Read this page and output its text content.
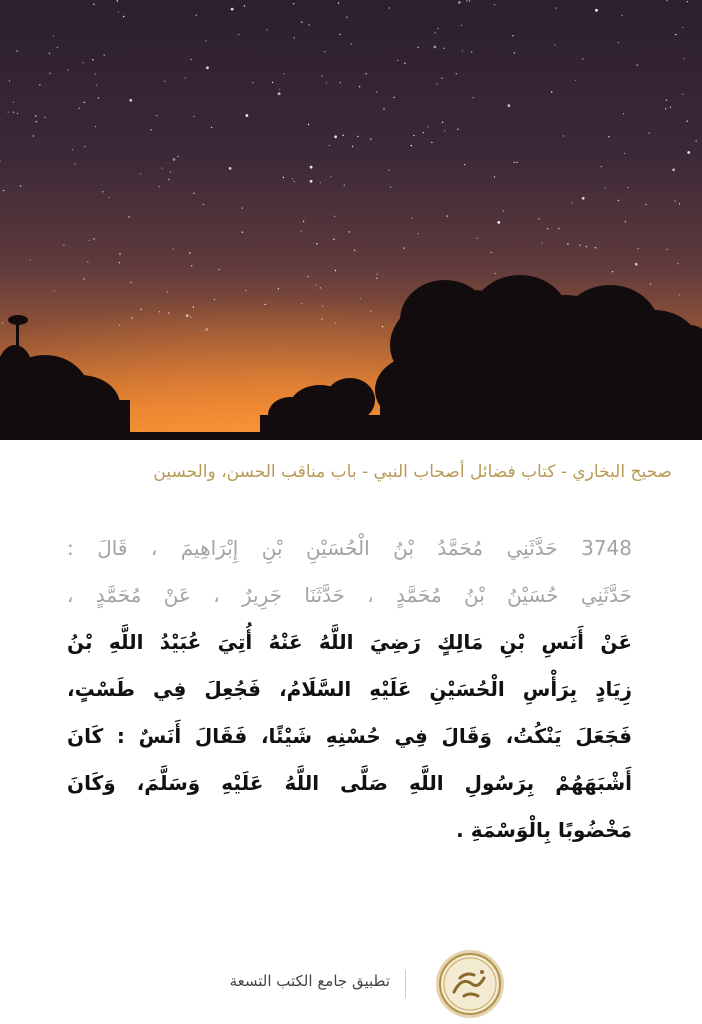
صحيح البخاري - كتاب فضائل أصحاب النبي - باب مناقب الحسن، والحسين
3748 حَدَّثَنِي مُحَمَّدُ بْنُ الْحُسَيْنِ بْنِ إِبْرَاهِيمَ ، قَالَ :
حَدَّثَنِي حُسَيْنُ بْنُ مُحَمَّدٍ ، حَدَّثَنَا جَرِيرٌ ، عَنْ مُحَمَّدٍ ،
عَنْ أَنَسِ بْنِ مَالِكٍ رَضِيَ اللَّهُ عَنْهُ أُتِيَ عُبَيْدُ اللَّهِ بْنُ
زِيَادٍ بِرَأْسِ الْحُسَيْنِ عَلَيْهِ السَّلَامُ، فَجُعِلَ فِي طَسْتٍ،
فَجَعَلَ يَنْكُتُ، وَقَالَ فِي حُسْنِهِ شَيْئًا، فَقَالَ أَنَسٌ : كَانَ
أَشْبَهَهُمْ بِرَسُولِ اللَّهِ صَلَّى اللَّهُ عَلَيْهِ وَسَلَّمَ، وَكَانَ
مَخْضُوبًا بِالْوَسْمَةِ .
تطبيق جامع الكتب التسعة
